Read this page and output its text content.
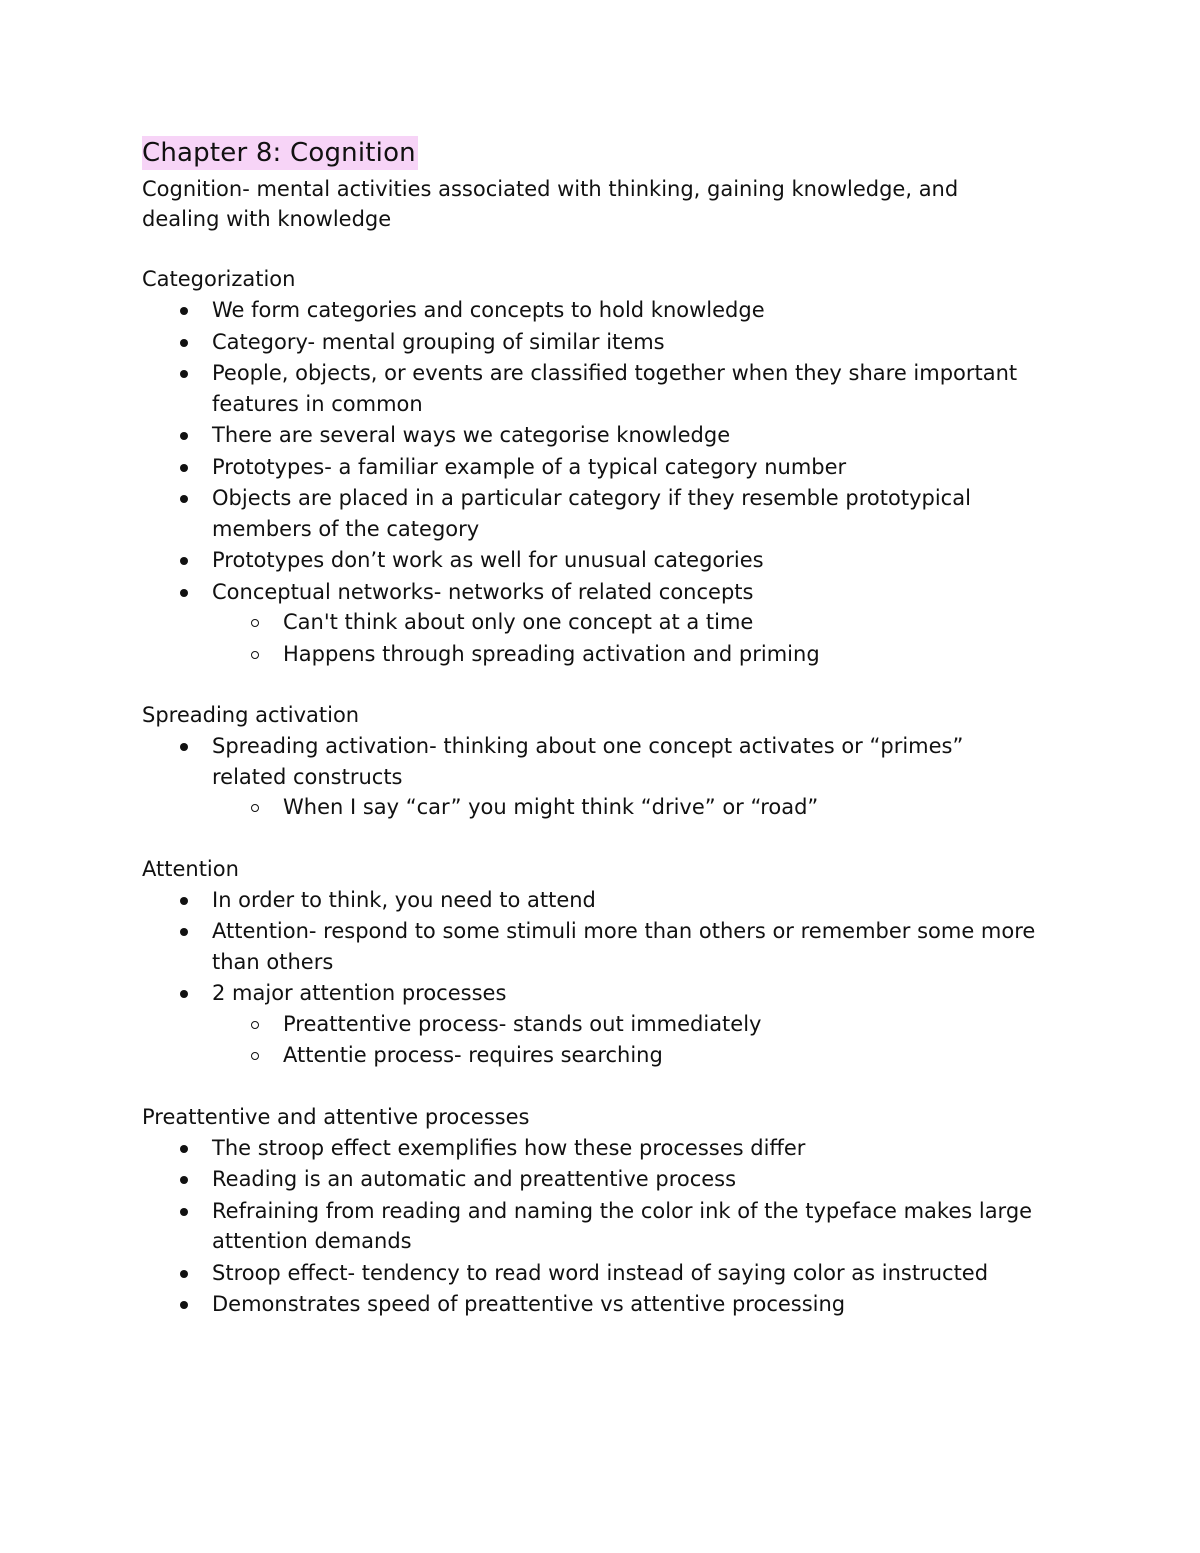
Chapter 8: Cognition

Cognition- mental activities associated with thinking, gaining knowledge, and dealing with knowledge

Categorization

We form categories and concepts to hold knowledge
Category- mental grouping of similar items
People, objects, or events are classified together when they share important features in common
There are several ways we categorise knowledge
Prototypes- a familiar example of a typical category number
Objects are placed in a particular category if they resemble prototypical members of the category
Prototypes don’t work as well for unusual categories
Conceptual networks- networks of related concepts
Can't think about only one concept at a time
Happens through spreading activation and priming

Spreading activation

Spreading activation- thinking about one concept activates or “primes” related constructs
When I say “car” you might think “drive” or “road”

Attention

In order to think, you need to attend
Attention- respond to some stimuli more than others or remember some more than others
2 major attention processes
Preattentive process- stands out immediately
Attentie process- requires searching

Preattentive and attentive processes

The stroop effect exemplifies how these processes differ
Reading is an automatic and preattentive process
Refraining from reading and naming the color ink of the typeface makes large attention demands
Stroop effect- tendency to read word instead of saying color as instructed
Demonstrates speed of preattentive vs attentive processing
